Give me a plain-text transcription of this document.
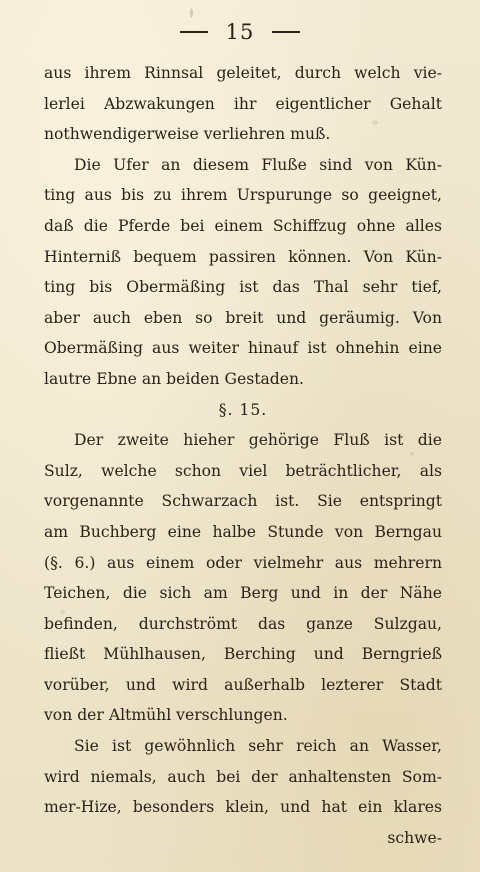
15
aus ihrem Rinnsal geleitet, durch welch vie-
lerlei Abzwakungen ihr eigentlicher Gehalt
nothwendigerweise verliehren muß.
Die Ufer an diesem Fluße sind von Kün-
ting aus bis zu ihrem Urspurunge so geeignet,
daß die Pferde bei einem Schiffzug ohne alles
Hinterniß bequem passiren können. Von Kün-
ting bis Obermäßing ist das Thal sehr tief,
aber auch eben so breit und geräumig. Von
Obermäßing aus weiter hinauf ist ohnehin eine
lautre Ebne an beiden Gestaden.
§. 15.
Der zweite hieher gehörige Fluß ist die
Sulz, welche schon viel beträchtlicher, als
vorgenannte Schwarzach ist. Sie entspringt
am Buchberg eine halbe Stunde von Berngau
(§. 6.) aus einem oder vielmehr aus mehrern
Teichen, die sich am Berg und in der Nähe
befinden, durchströmt das ganze Sulzgau,
fließt Mühlhausen, Berching und Berngrieß
vorüber, und wird außerhalb lezterer Stadt
von der Altmühl verschlungen.
Sie ist gewöhnlich sehr reich an Wasser,
wird niemals, auch bei der anhaltensten Som-
mer-Hize, besonders klein, und hat ein klares
schwe-
